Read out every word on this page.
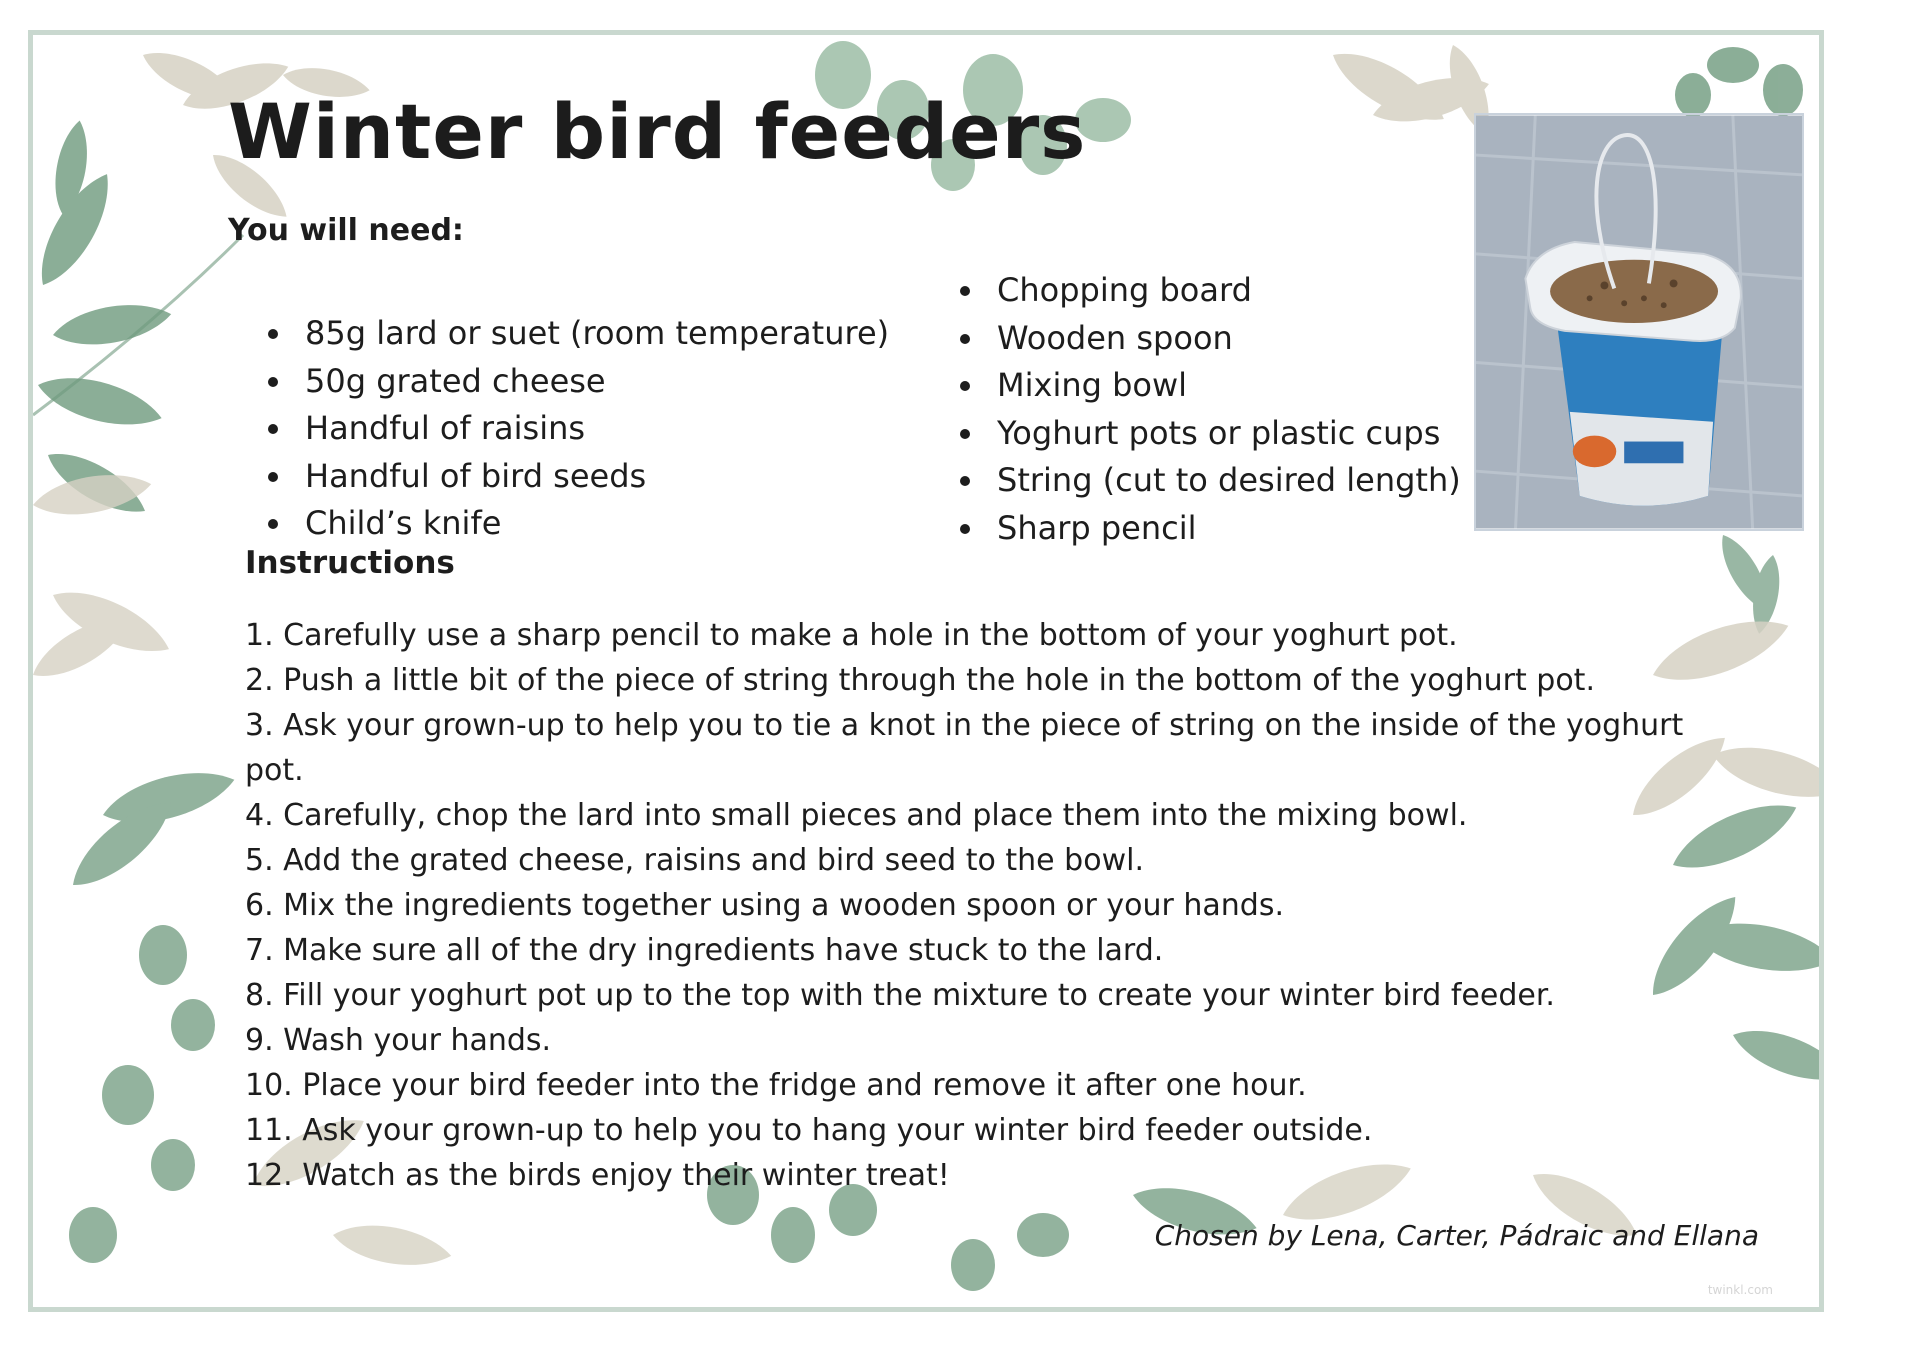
Winter bird feeders
You will need:
85g lard or suet (room temperature)
50g grated cheese
Handful of raisins
Handful of bird seeds
Child’s knife
Chopping board
Wooden spoon
Mixing bowl
Yoghurt pots or plastic cups
String (cut to desired length)
Sharp pencil
Instructions
1. Carefully use a sharp pencil to make a hole in the bottom of your yoghurt pot.
2. Push a little bit of the piece of string through the hole in the bottom of the yoghurt pot.
3. Ask your grown-up to help you to tie a knot in the piece of string on the inside of the yoghurt pot.
4. Carefully, chop the lard into small pieces and place them into the mixing bowl.
5. Add the grated cheese, raisins and bird seed to the bowl.
6. Mix the ingredients together using a wooden spoon or your hands.
7. Make sure all of the dry ingredients have stuck to the lard.
8. Fill your yoghurt pot up to the top with the mixture to create your winter bird feeder.
9. Wash your hands.
10. Place your bird feeder into the fridge and remove it after one hour.
11. Ask your grown-up to help you to hang your winter bird feeder outside.
12. Watch as the birds enjoy their winter treat!

Chosen by Lena, Carter, Pádraic and Ellana

twinkl.com
